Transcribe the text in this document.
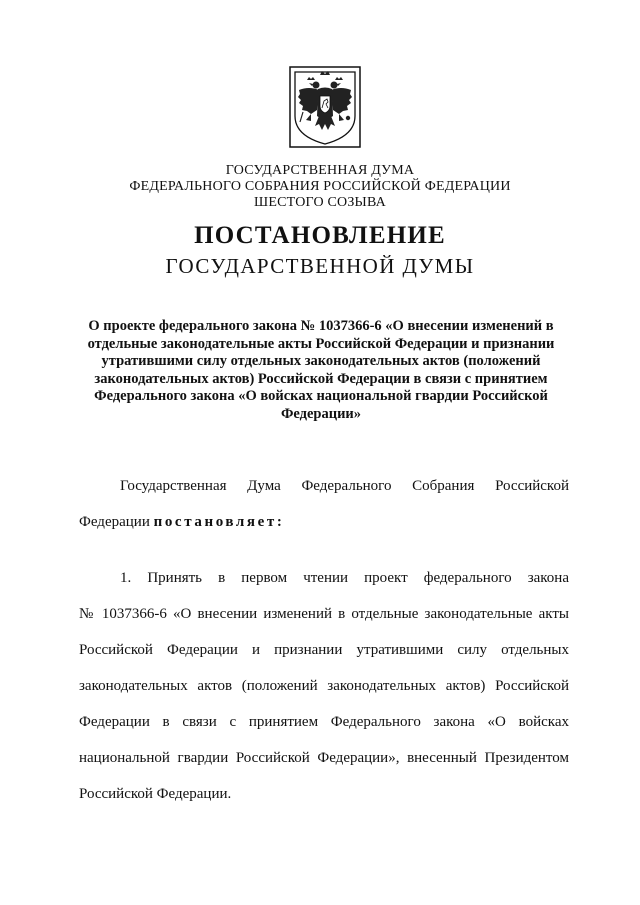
ГОСУДАРСТВЕННАЯ ДУМА
ФЕДЕРАЛЬНОГО СОБРАНИЯ РОССИЙСКОЙ ФЕДЕРАЦИИ
ШЕСТОГО СОЗЫВА
ПОСТАНОВЛЕНИЕ
ГОСУДАРСТВЕННОЙ ДУМЫ
О проекте федерального закона № 1037366-6 «О внесении изменений в
отдельные законодательные акты Российской Федерации и признании
утратившими силу отдельных законодательных актов (положений
законодательных актов) Российской Федерации в связи с принятием
Федерального закона «О войсках национальной гвардии Российской
Федерации»
Государственная Дума Федерального Собрания Российской
Федерации постановляет:
1. Принять в первом чтении проект федерального закона
№ 1037366-6 «О внесении изменений в отдельные законодательные акты
Российской Федерации и признании утратившими силу отдельных
законодательных актов (положений законодательных актов) Российской
Федерации в связи с принятием Федерального закона «О войсках
национальной гвардии Российской Федерации», внесенный Президентом
Российской Федерации.
